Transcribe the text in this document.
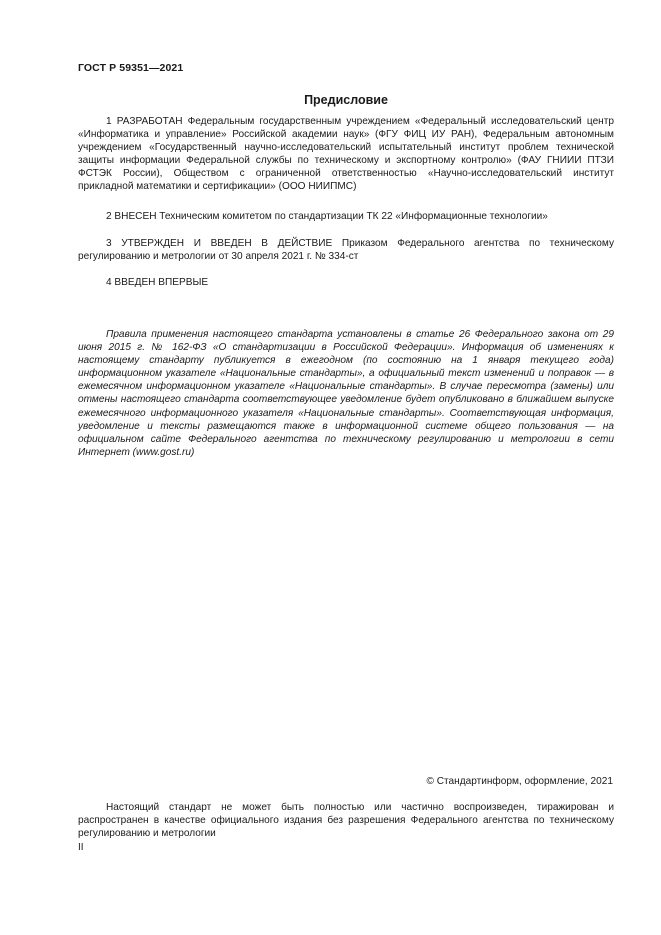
ГОСТ Р 59351—2021
Предисловие

1 РАЗРАБОТАН Федеральным государственным учреждением «Федеральный исследовательский центр «Информатика и управление» Российской академии наук» (ФГУ ФИЦ ИУ РАН), Федеральным автономным учреждением «Государственный научно-исследовательский испытательный институт проблем технической защиты информации Федеральной службы по техническому и экспортному контролю» (ФАУ ГНИИИ ПТЗИ ФСТЭК России), Обществом с ограниченной ответственностью «Научно-исследовательский институт прикладной математики и сертификации» (ООО НИИПМС)

2 ВНЕСЕН Техническим комитетом по стандартизации ТК 22 «Информационные технологии»

3 УТВЕРЖДЕН И ВВЕДЕН В ДЕЙСТВИЕ Приказом Федерального агентства по техническому регулированию и метрологии от 30 апреля 2021 г. № 334-ст

4 ВВЕДЕН ВПЕРВЫЕ

Правила применения настоящего стандарта установлены в статье 26 Федерального закона от 29 июня 2015 г. № 162-ФЗ «О стандартизации в Российской Федерации». Информация об изменениях к настоящему стандарту публикуется в ежегодном (по состоянию на 1 января текущего года) информационном указателе «Национальные стандарты», а официальный текст изменений и поправок — в ежемесячном информационном указателе «Национальные стандарты». В случае пересмотра (замены) или отмены настоящего стандарта соответствующее уведомление будет опубликовано в ближайшем выпуске ежемесячного информационного указателя «Национальные стандарты». Соответствующая информация, уведомление и тексты размещаются также в информационной системе общего пользования — на официальном сайте Федерального агентства по техническому регулированию и метрологии в сети Интернет (www.gost.ru)

© Стандартинформ, оформление, 2021

Настоящий стандарт не может быть полностью или частично воспроизведен, тиражирован и распространен в качестве официального издания без разрешения Федерального агентства по техническому регулированию и метрологии

II
